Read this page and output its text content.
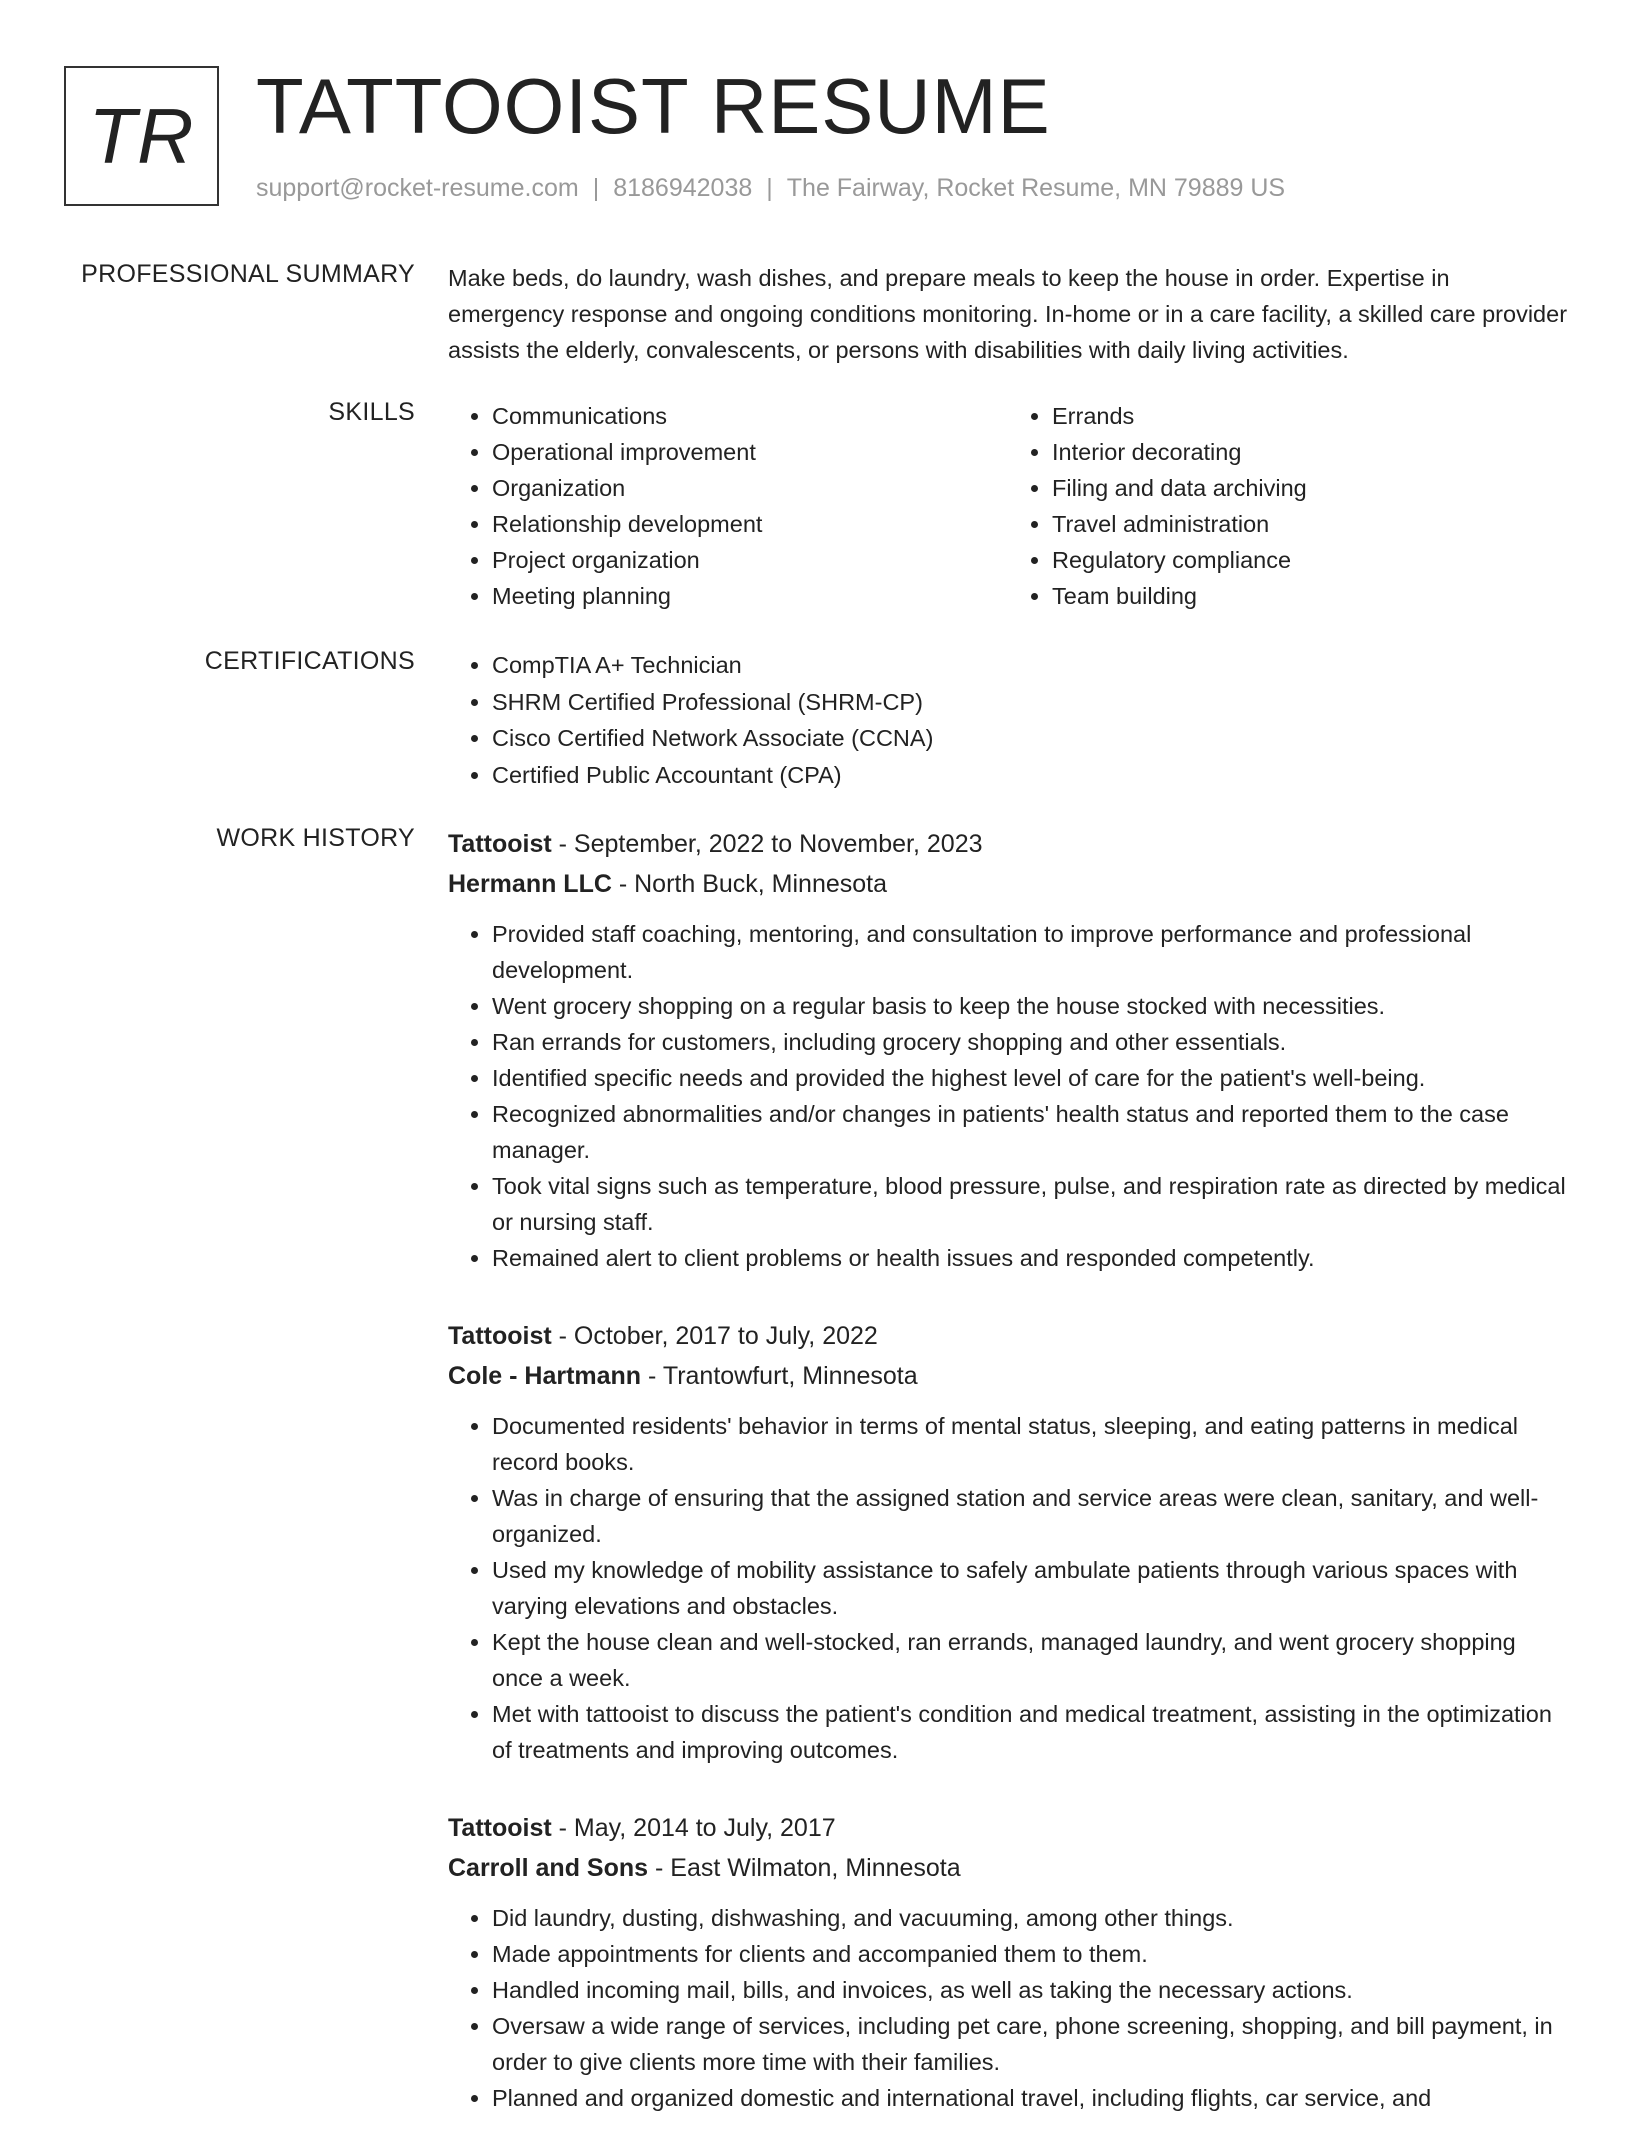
TR TATTOOIST RESUME
support@rocket-resume.com | 8186942038 | The Fairway, Rocket Resume, MN 79889 US
PROFESSIONAL SUMMARY Make beds, do laundry, wash dishes, and prepare meals to keep the house in order. Expertise in emergency response and ongoing conditions monitoring. In-home or in a care facility, a skilled care provider assists the elderly, convalescents, or persons with disabilities with daily living activities.

SKILLS	• Communications
• Operational improvement
• Organization
• Relationship development
• Project organization
• Meeting planning
• Errands
• Interior decorating
• Filing and data archiving
• Travel administration
• Regulatory compliance
• Team building
CERTIFICATIONS	• CompTIA A+ Technician
• SHRM Certified Professional (SHRM-CP)
• Cisco Certified Network Associate (CCNA)
• Certified Public Accountant (CPA)
WORK HISTORY Tattooist - September, 2022 to November, 2023
Hermann LLC - North Buck, Minnesota
• Provided staff coaching, mentoring, and consultation to improve performance and professional development.
• Went grocery shopping on a regular basis to keep the house stocked with necessities.
• Ran errands for customers, including grocery shopping and other essentials.
• Identified specific needs and provided the highest level of care for the patient's well-being.
• Recognized abnormalities and/or changes in patients' health status and reported them to the case manager.
• Took vital signs such as temperature, blood pressure, pulse, and respiration rate as directed by medical or nursing staff.
• Remained alert to client problems or health issues and responded competently.
Tattooist - October, 2017 to July, 2022
Cole - Hartmann - Trantowfurt, Minnesota
• Documented residents' behavior in terms of mental status, sleeping, and eating patterns in medical record books.
• Was in charge of ensuring that the assigned station and service areas were clean, sanitary, and well-organized.
• Used my knowledge of mobility assistance to safely ambulate patients through various spaces with varying elevations and obstacles.
• Kept the house clean and well-stocked, ran errands, managed laundry, and went grocery shopping once a week.
• Met with tattooist to discuss the patient's condition and medical treatment, assisting in the optimization of treatments and improving outcomes.
Tattooist - May, 2014 to July, 2017
Carroll and Sons - East Wilmaton, Minnesota
• Did laundry, dusting, dishwashing, and vacuuming, among other things.
• Made appointments for clients and accompanied them to them.
• Handled incoming mail, bills, and invoices, as well as taking the necessary actions.
• Oversaw a wide range of services, including pet care, phone screening, shopping, and bill payment, in order to give clients more time with their families.
• Planned and organized domestic and international travel, including flights, car service, and
